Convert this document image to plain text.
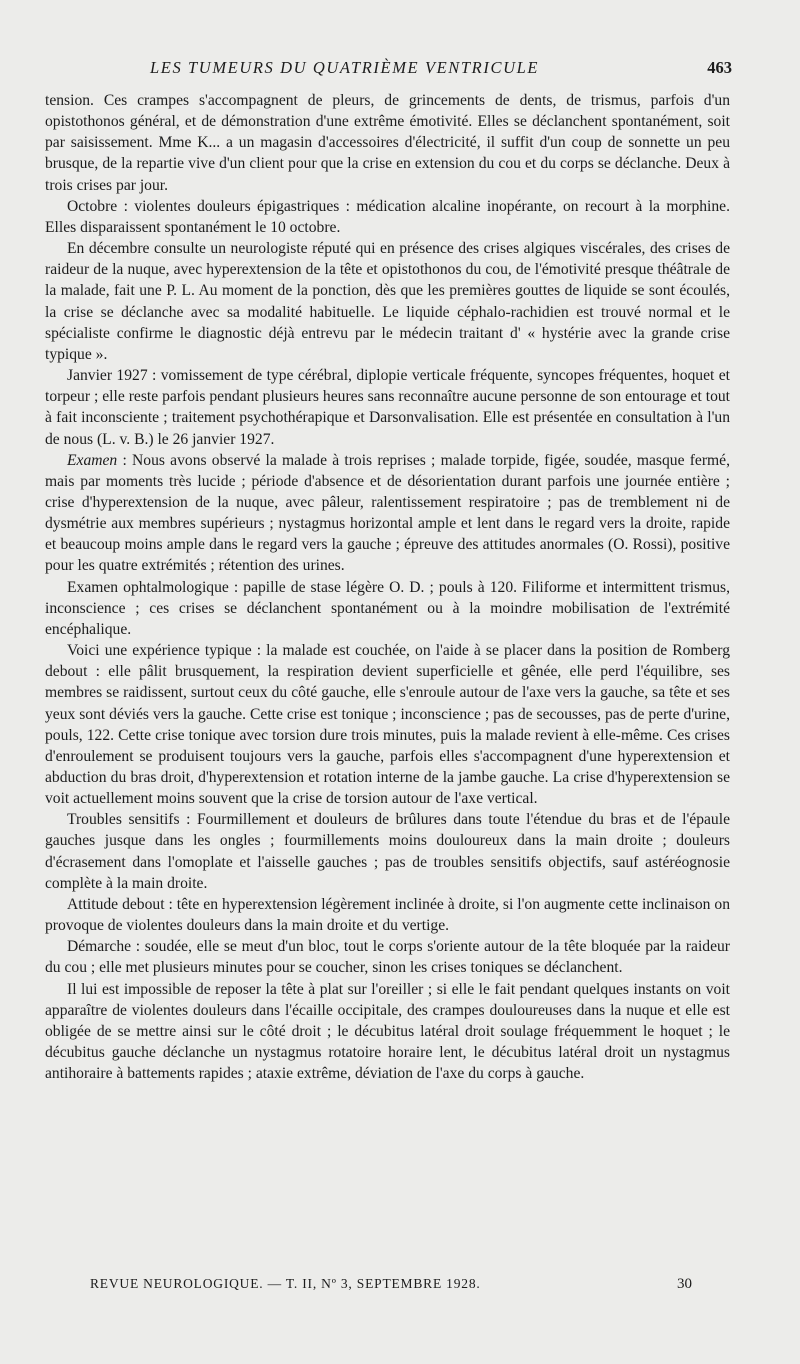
LES TUMEURS DU QUATRIÈME VENTRICULE	463

tension. Ces crampes s'accompagnent de pleurs, de grincements de dents, de trismus, parfois d'un opistothonos général, et de démonstration d'une extrême émotivité. Elles se déclanchent spontanément, soit par saisissement. Mme K... a un magasin d'accessoires d'électricité, il suffit d'un coup de sonnette un peu brusque, de la repartie vive d'un client pour que la crise en extension du cou et du corps se déclanche. Deux à trois crises par jour.

Octobre : violentes douleurs épigastriques : médication alcaline inopérante, on recourt à la morphine. Elles disparaissent spontanément le 10 octobre.

En décembre consulte un neurologiste réputé qui en présence des crises algiques viscérales, des crises de raideur de la nuque, avec hyperextension de la tête et opistothonos du cou, de l'émotivité presque théâtrale de la malade, fait une P. L. Au moment de la ponction, dès que les premières gouttes de liquide se sont écoulés, la crise se déclanche avec sa modalité habituelle. Le liquide céphalo-rachidien est trouvé normal et le spécialiste confirme le diagnostic déjà entrevu par le médecin traitant d' « hystérie avec la grande crise typique ».

Janvier 1927 : vomissement de type cérébral, diplopie verticale fréquente, syncopes fréquentes, hoquet et torpeur ; elle reste parfois pendant plusieurs heures sans reconnaître aucune personne de son entourage et tout à fait inconsciente ; traitement psychothérapique et Darsonvalisation. Elle est présentée en consultation à l'un de nous (L. v. B.) le 26 janvier 1927.

Examen : Nous avons observé la malade à trois reprises ; malade torpide, figée, soudée, masque fermé, mais par moments très lucide ; période d'absence et de désorientation durant parfois une journée entière ; crise d'hyperextension de la nuque, avec pâleur, ralentissement respiratoire ; pas de tremblement ni de dysmétrie aux membres supérieurs ; nystagmus horizontal ample et lent dans le regard vers la droite, rapide et beaucoup moins ample dans le regard vers la gauche ; épreuve des attitudes anormales (O. Rossi), positive pour les quatre extrémités ; rétention des urines.

Examen ophtalmologique : papille de stase légère O. D. ; pouls à 120. Filiforme et intermittent trismus, inconscience ; ces crises se déclanchent spontanément ou à la moindre mobilisation de l'extrémité encéphalique.

Voici une expérience typique : la malade est couchée, on l'aide à se placer dans la position de Romberg debout : elle pâlit brusquement, la respiration devient superficielle et gênée, elle perd l'équilibre, ses membres se raidissent, surtout ceux du côté gauche, elle s'enroule autour de l'axe vers la gauche, sa tête et ses yeux sont déviés vers la gauche. Cette crise est tonique ; inconscience ; pas de secousses, pas de perte d'urine, pouls, 122. Cette crise tonique avec torsion dure trois minutes, puis la malade revient à elle-même. Ces crises d'enroulement se produisent toujours vers la gauche, parfois elles s'accompagnent d'une hyperextension et abduction du bras droit, d'hyperextension et rotation interne de la jambe gauche. La crise d'hyperextension se voit actuellement moins souvent que la crise de torsion autour de l'axe vertical.

Troubles sensitifs : Fourmillement et douleurs de brûlures dans toute l'étendue du bras et de l'épaule gauches jusque dans les ongles ; fourmillements moins douloureux dans la main droite ; douleurs d'écrasement dans l'omoplate et l'aisselle gauches ; pas de troubles sensitifs objectifs, sauf astéréognosie complète à la main droite.

Attitude debout : tête en hyperextension légèrement inclinée à droite, si l'on augmente cette inclinaison on provoque de violentes douleurs dans la main droite et du vertige.

Démarche : soudée, elle se meut d'un bloc, tout le corps s'oriente autour de la tête bloquée par la raideur du cou ; elle met plusieurs minutes pour se coucher, sinon les crises toniques se déclanchent.

Il lui est impossible de reposer la tête à plat sur l'oreiller ; si elle le fait pendant quelques instants on voit apparaître de violentes douleurs dans l'écaille occipitale, des crampes douloureuses dans la nuque et elle est obligée de se mettre ainsi sur le côté droit ; le décubitus latéral droit soulage fréquemment le hoquet ; le décubitus gauche déclanche un nystagmus rotatoire horaire lent, le décubitus latéral droit un nystagmus antihoraire à battements rapides ; ataxie extrême, déviation de l'axe du corps à gauche.

REVUE NEUROLOGIQUE. — T. II, Nº 3, SEPTEMBRE 1928.	30
